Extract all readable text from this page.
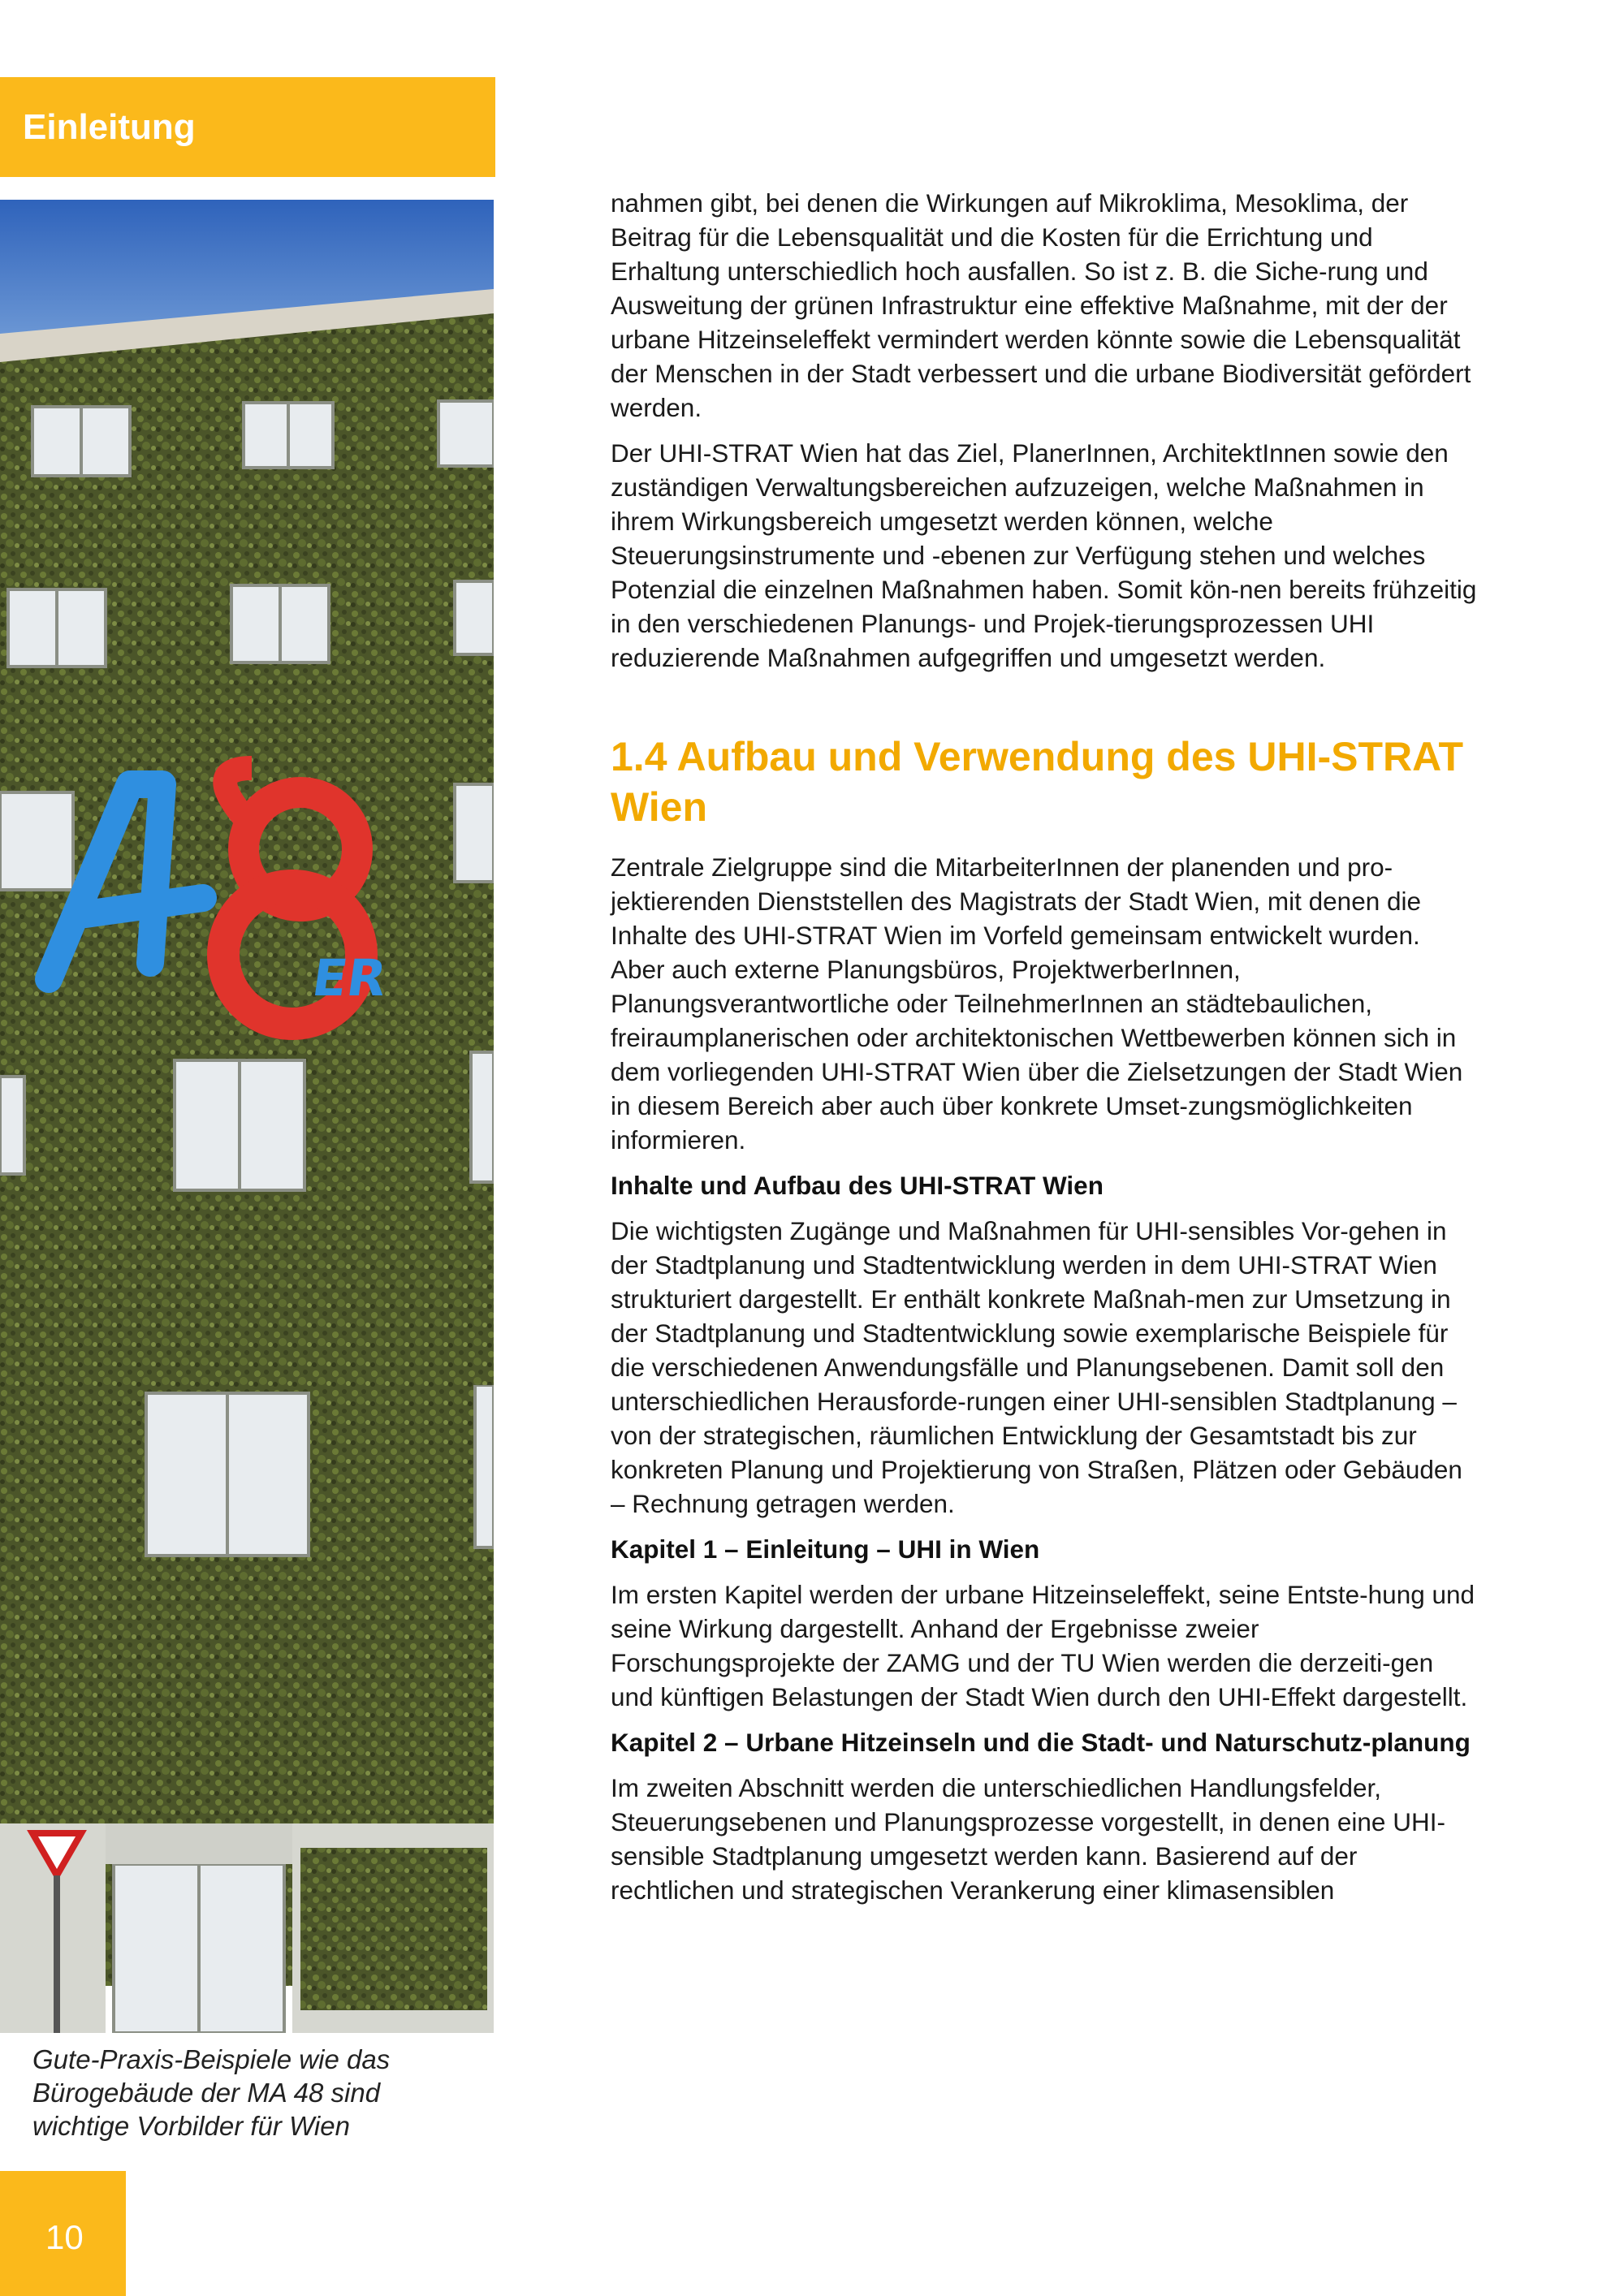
Einleitung
ER
Gute-Praxis-Beispiele wie das Bürogebäude der MA 48 sind wichtige Vorbilder für Wien
10

nahmen gibt, bei denen die Wirkungen auf Mikroklima, Mesoklima, der Beitrag für die Lebensqualität und die Kosten für die Errichtung und Erhaltung unterschiedlich hoch ausfallen. So ist z. B. die Siche-rung und Ausweitung der grünen Infrastruktur eine effektive Maßnahme, mit der der urbane Hitzeinseleffekt vermindert werden könnte sowie die Lebensqualität der Menschen in der Stadt verbessert und die urbane Biodiversität gefördert werden.

Der UHI-STRAT Wien hat das Ziel, PlanerInnen, ArchitektInnen sowie den zuständigen Verwaltungsbereichen aufzuzeigen, welche Maßnahmen in ihrem Wirkungsbereich umgesetzt werden können, welche Steuerungsinstrumente und -ebenen zur Verfügung stehen und welches Potenzial die einzelnen Maßnahmen haben. Somit kön-nen bereits frühzeitig in den verschiedenen Planungs- und Projek-tierungsprozessen UHI reduzierende Maßnahmen aufgegriffen und umgesetzt werden.

1.4 Aufbau und Verwendung des UHI-STRAT Wien

Zentrale Zielgruppe sind die MitarbeiterInnen der planenden und pro-jektierenden Dienststellen des Magistrats der Stadt Wien, mit denen die Inhalte des UHI-STRAT Wien im Vorfeld gemeinsam entwickelt wurden. Aber auch externe Planungsbüros, ProjektwerberInnen, Planungsverantwortliche oder TeilnehmerInnen an städtebaulichen, freiraumplanerischen oder architektonischen Wettbewerben können sich in dem vorliegenden UHI-STRAT Wien über die Zielsetzungen der Stadt Wien in diesem Bereich aber auch über konkrete Umset-zungsmöglichkeiten informieren.

Inhalte und Aufbau des UHI-STRAT Wien

Die wichtigsten Zugänge und Maßnahmen für UHI-sensibles Vor-gehen in der Stadtplanung und Stadtentwicklung werden in dem UHI-STRAT Wien strukturiert dargestellt. Er enthält konkrete Maßnah-men zur Umsetzung in der Stadtplanung und Stadtentwicklung sowie exemplarische Beispiele für die verschiedenen Anwendungsfälle und Planungsebenen. Damit soll den unterschiedlichen Herausforde-rungen einer UHI-sensiblen Stadtplanung – von der strategischen, räumlichen Entwicklung der Gesamtstadt bis zur konkreten Planung und Projektierung von Straßen, Plätzen oder Gebäuden – Rechnung getragen werden.

Kapitel 1 – Einleitung – UHI in Wien

Im ersten Kapitel werden der urbane Hitzeinseleffekt, seine Entste-hung und seine Wirkung dargestellt. Anhand der Ergebnisse zweier Forschungsprojekte der ZAMG und der TU Wien werden die derzeiti-gen und künftigen Belastungen der Stadt Wien durch den UHI-Effekt dargestellt.

Kapitel 2 – Urbane Hitzeinseln und die Stadt- und Naturschutz-planung

Im zweiten Abschnitt werden die unterschiedlichen Handlungsfelder, Steuerungsebenen und Planungsprozesse vorgestellt, in denen eine UHI-sensible Stadtplanung umgesetzt werden kann. Basierend auf der rechtlichen und strategischen Verankerung einer klimasensiblen
